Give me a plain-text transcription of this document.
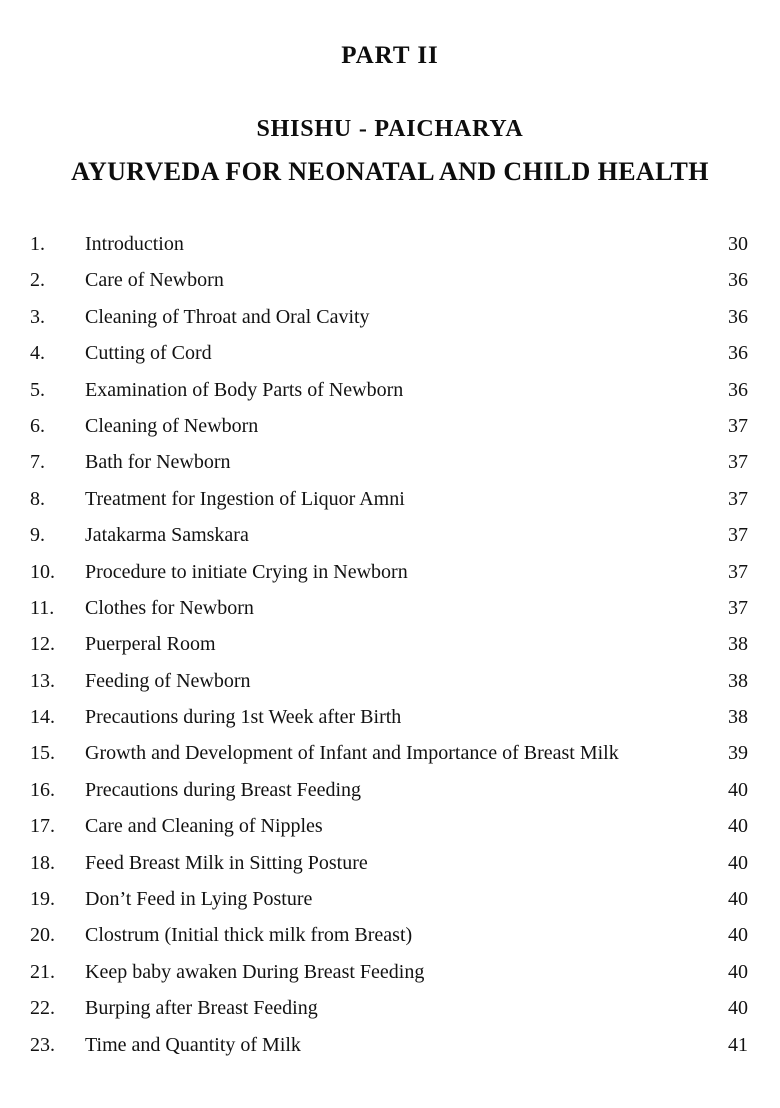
PART II
SHISHU - PAICHARYA
AYURVEDA FOR NEONATAL AND CHILD HEALTH
1.	Introduction	30
2.	Care of Newborn	36
3.	Cleaning of Throat and Oral Cavity	36
4.	Cutting of Cord	36
5.	Examination of Body Parts of Newborn	36
6.	Cleaning of Newborn	37
7.	Bath for Newborn	37
8.	Treatment for Ingestion of Liquor Amni	37
9.	Jatakarma Samskara	37
10.	Procedure to initiate Crying in Newborn	37
11.	Clothes for Newborn	37
12.	Puerperal Room	38
13.	Feeding of Newborn	38
14.	Precautions during 1st Week after Birth	38
15.	Growth and Development of Infant and Importance of Breast Milk	39
16.	Precautions during Breast Feeding	40
17.	Care and Cleaning of Nipples	40
18.	Feed Breast Milk in Sitting Posture	40
19.	Don’t Feed in Lying Posture	40
20.	Clostrum (Initial thick milk from Breast)	40
21.	Keep baby awaken During Breast Feeding	40
22.	Burping after Breast Feeding	40
23.	Time and Quantity of Milk	41
